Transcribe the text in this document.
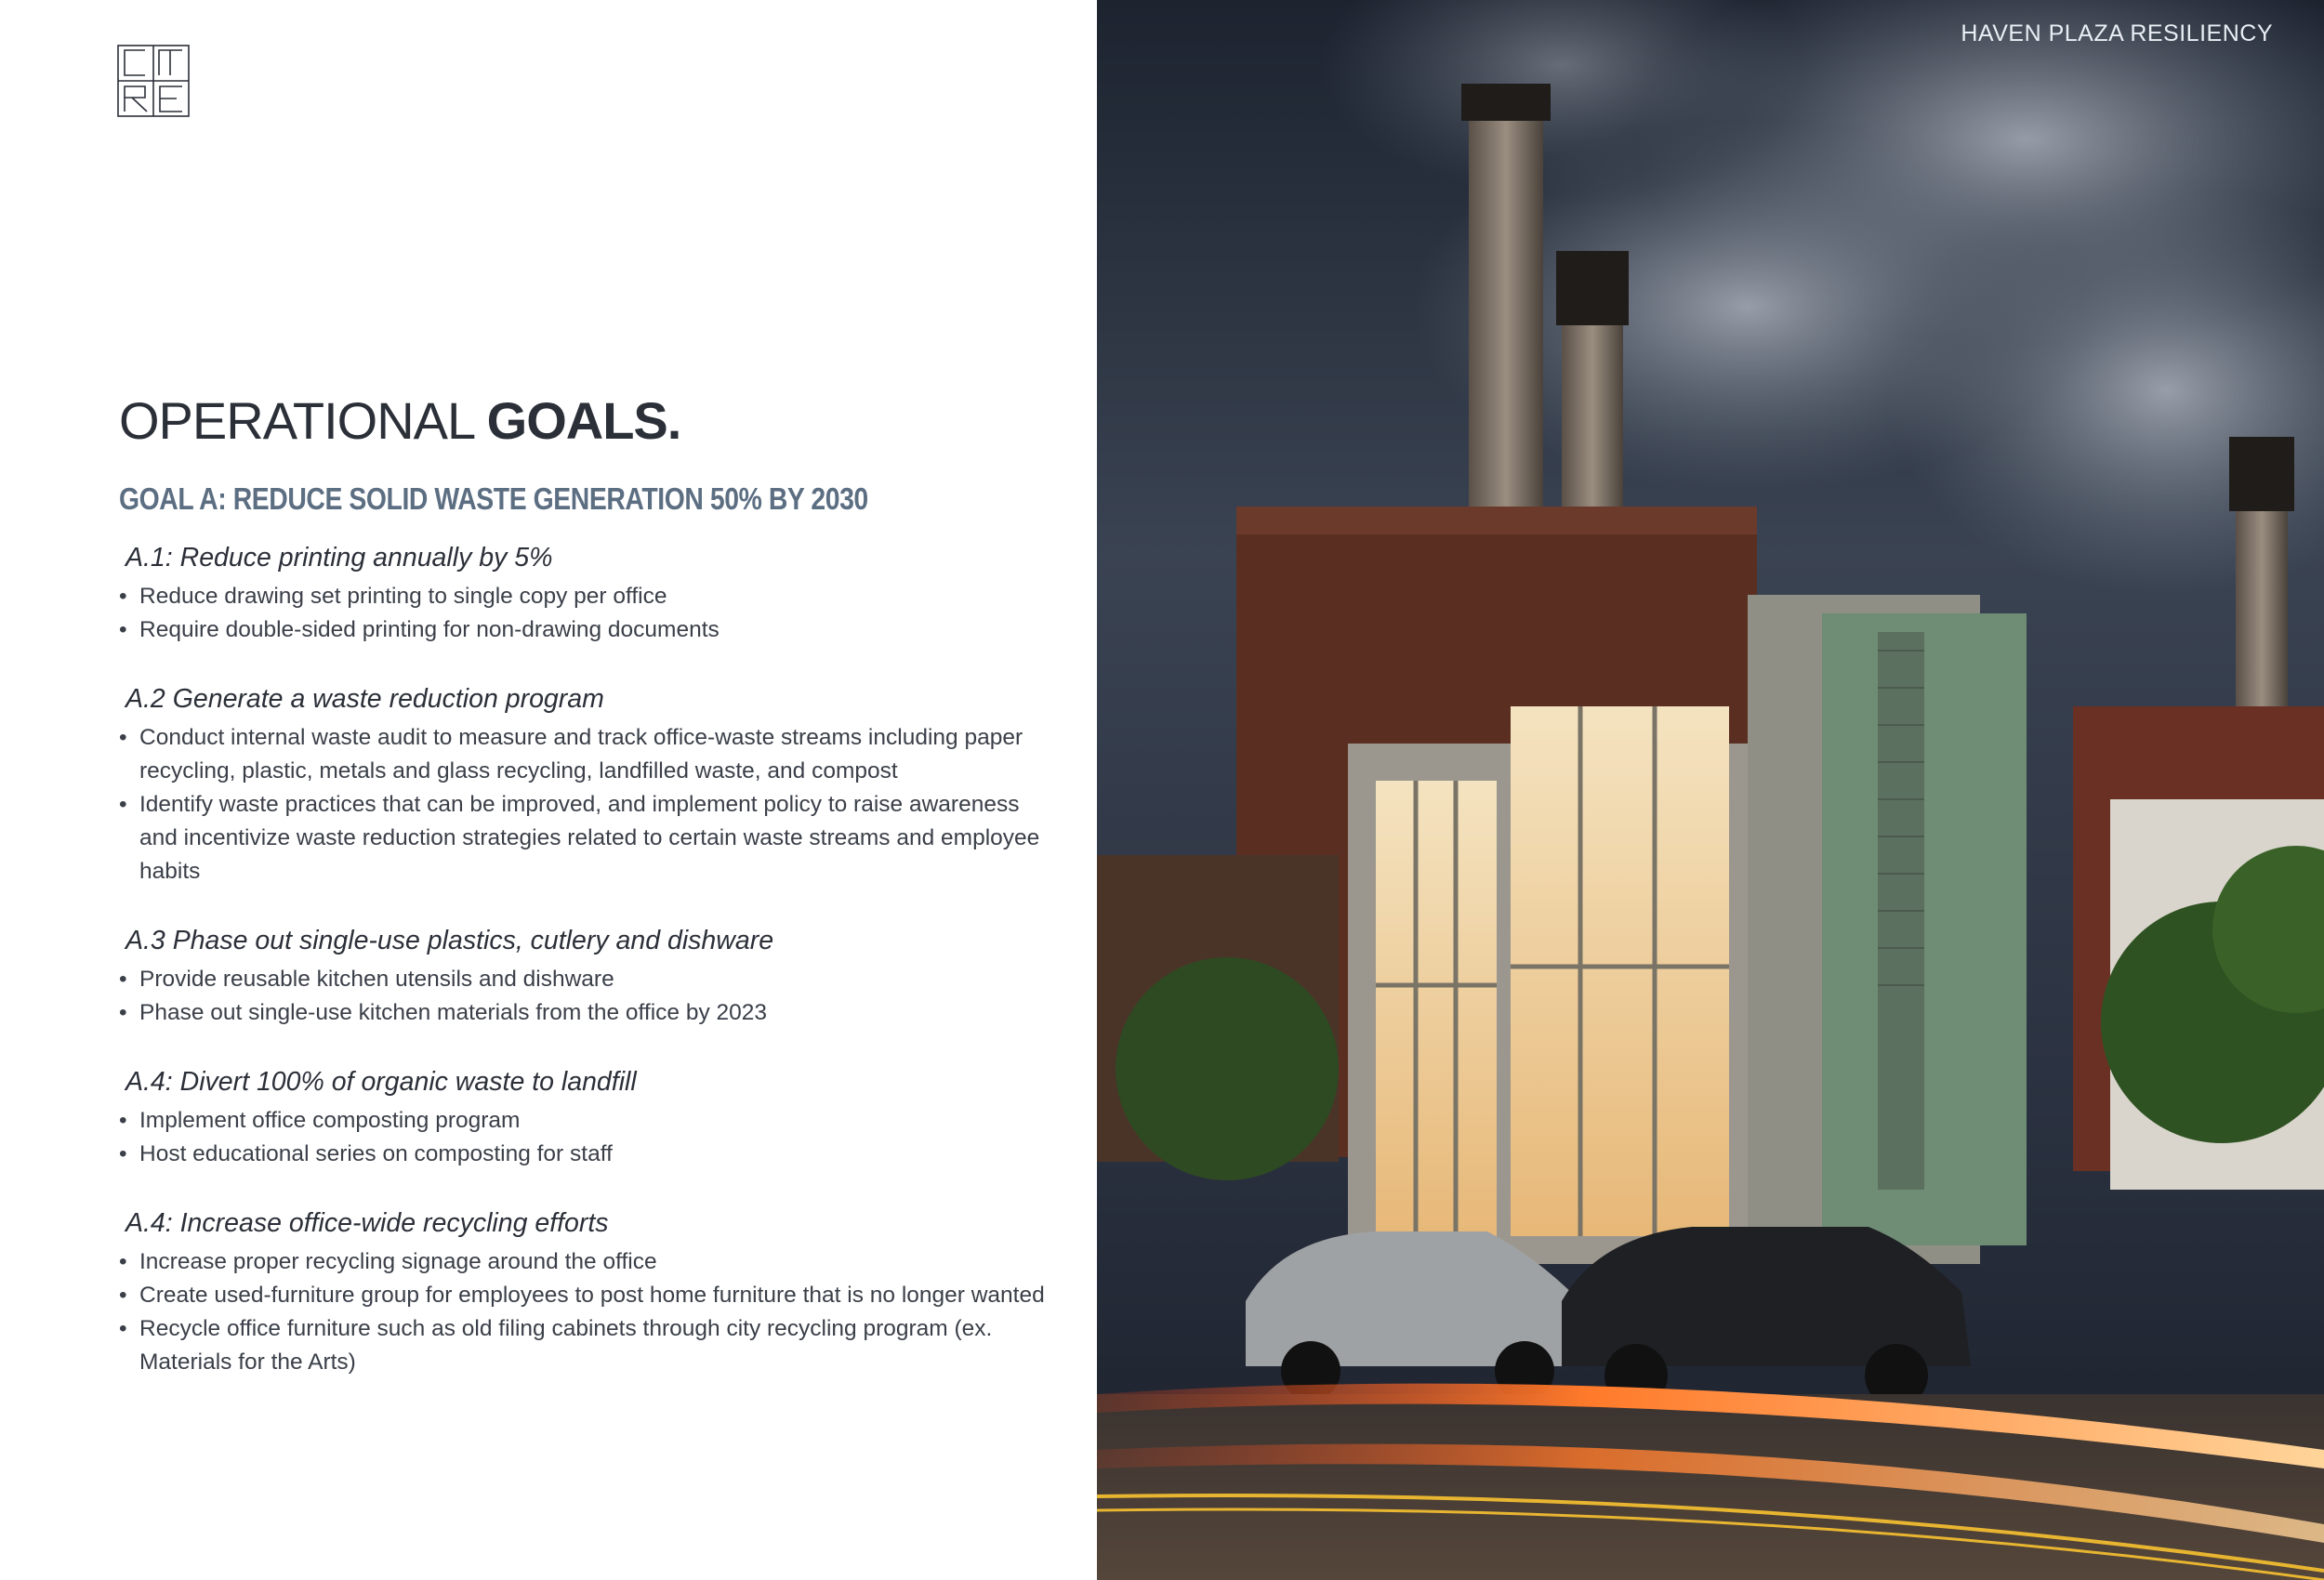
OPERATIONAL GOALS.
GOAL A: REDUCE SOLID WASTE GENERATION 50% BY 2030
A.1: Reduce printing annually by 5%
• Reduce drawing set printing to single copy per office
• Require double-sided printing for non-drawing documents
A.2 Generate a waste reduction program
• Conduct internal waste audit to measure and track office-waste streams including paper recycling, plastic, metals and glass recycling, landfilled waste, and compost
• Identify waste practices that can be improved, and implement policy to raise awareness and incentivize waste reduction strategies related to certain waste streams and employee habits
A.3 Phase out single-use plastics, cutlery and dishware
• Provide reusable kitchen utensils and dishware
• Phase out single-use kitchen materials from the office by 2023
A.4: Divert 100% of organic waste to landfill
• Implement office composting program
• Host educational series on composting for staff
A.4: Increase office-wide recycling efforts
• Increase proper recycling signage around the office
• Create used-furniture group for employees to post home furniture that is no longer wanted
• Recycle office furniture such as old filing cabinets through city recycling program (ex. Materials for the Arts)
HAVEN PLAZA RESILIENCY
